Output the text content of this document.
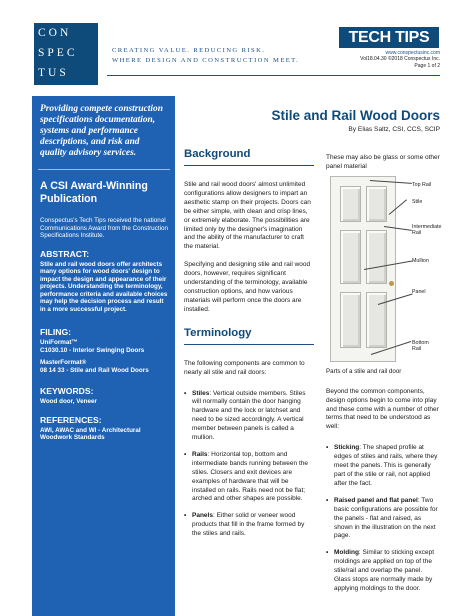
CON
SPEC
TUS
CREATING VALUE. REDUCING RISK.
WHERE DESIGN AND CONSTRUCTION MEET.
TECH TIPS
www.conspectusinc.com
Vol18.04.30 ©2018 Conspectus Inc.
Page 1 of 2
Providing compete construction specifications documentation, systems and performance descriptions, and risk and quality advisory services.
A CSI Award-Winning Publication
Conspectus's Tech Tips received the national Communications Award from the Construction Specifications Institute.
ABSTRACT:
Stile and rail wood doors offer architects many options for wood doors' design to impact the design and appearance of their projects. Understanding the terminology, performance criteria and available choices may help the decision process and result in a more successful project.
FILING:

UniFormat™
C1030.10 - Interior Swinging Doors

MasterFormat®
08 14 33 - Stile and Rail Wood Doors

KEYWORDS:
Wood door, Veneer
REFERENCES:
AWI, AWAC and WI - Architectural Woodwork Standards
Stile and Rail Wood Doors
By Elias Saltz, CSI, CCS, SCIP
Background
Stile and rail wood doors' almost unlimited configurations allow designers to impart an aesthetic stamp on their projects. Doors can be either simple, with clean and crisp lines, or extremely elaborate. The possibilities are limited only by the designer's imagination and the ability of the manufacturer to craft the material.
Specifying and designing stile and rail wood doors, however, requires significant understanding of the terminology, available construction options, and how various materials will perform once the doors are installed.
Terminology
The following components are common to nearly all stile and rail doors:
• Stiles: Vertical outside members. Stiles will normally contain the door hanging hardware and the lock or latchset and need to be sized accordingly. A vertical member between panels is called a mullion.
• Rails: Horizontal top, bottom and intermediate bands running between the stiles. Closers and exit devices are examples of hardware that will be installed on rails. Rails need not be flat; arched and other shapes are possible.
• Panels: Either solid or veneer wood products that fill in the frame formed by the stiles and rails.
These may also be glass or some other panel material
Top Rail
Stile
Intermediate Rail
Mullion
Panel
Bottom Rail
Parts of a stile and rail door
Beyond the common components, design options begin to come into play and these come with a number of other terms that need to be understood as well:
• Sticking: The shaped profile at edges of stiles and rails, where they meet the panels. This is generally part of the stile or rail, not applied after the fact.
• Raised panel and flat panel: Two basic configurations are possible for the panels - flat and raised, as shown in the illustration on the next page.
• Molding: Similar to sticking except moldings are applied on top of the stile/rail and overlap the panel. Glass stops are normally made by applying moldings to the door.
